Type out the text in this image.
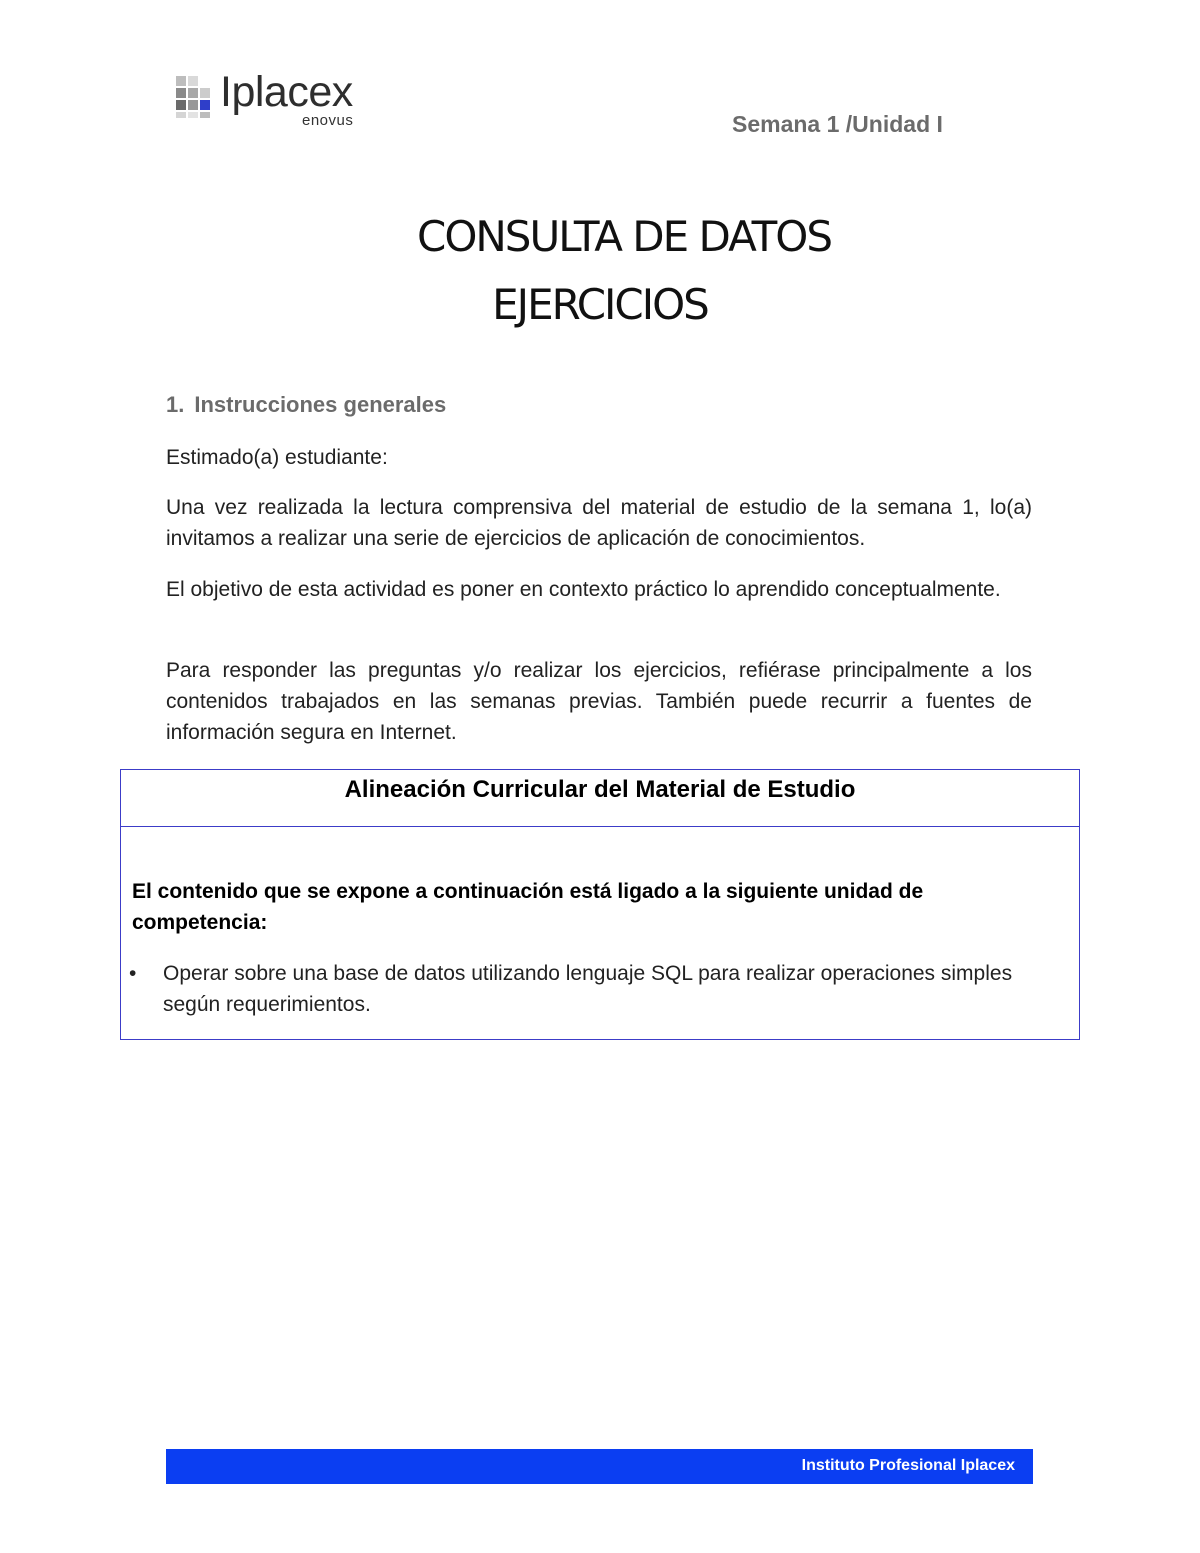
Iplacex
enovus	Semana 1 /Unidad I
CONSULTA DE DATOS
EJERCICIOS
1. Instrucciones generales
Estimado(a) estudiante:
Una vez realizada la lectura comprensiva del material de estudio de la semana 1, lo(a) invitamos a realizar una serie de ejercicios de aplicación de conocimientos.
El objetivo de esta actividad es poner en contexto práctico lo aprendido conceptualmente.
Para responder las preguntas y/o realizar los ejercicios, refiérase principalmente a los contenidos trabajados en las semanas previas. También puede recurrir a fuentes de información segura en Internet.
Alineación Curricular del Material de Estudio
El contenido que se expone a continuación está ligado a la siguiente unidad de competencia:
• Operar sobre una base de datos utilizando lenguaje SQL para realizar operaciones simples según requerimientos.
Instituto Profesional Iplacex
